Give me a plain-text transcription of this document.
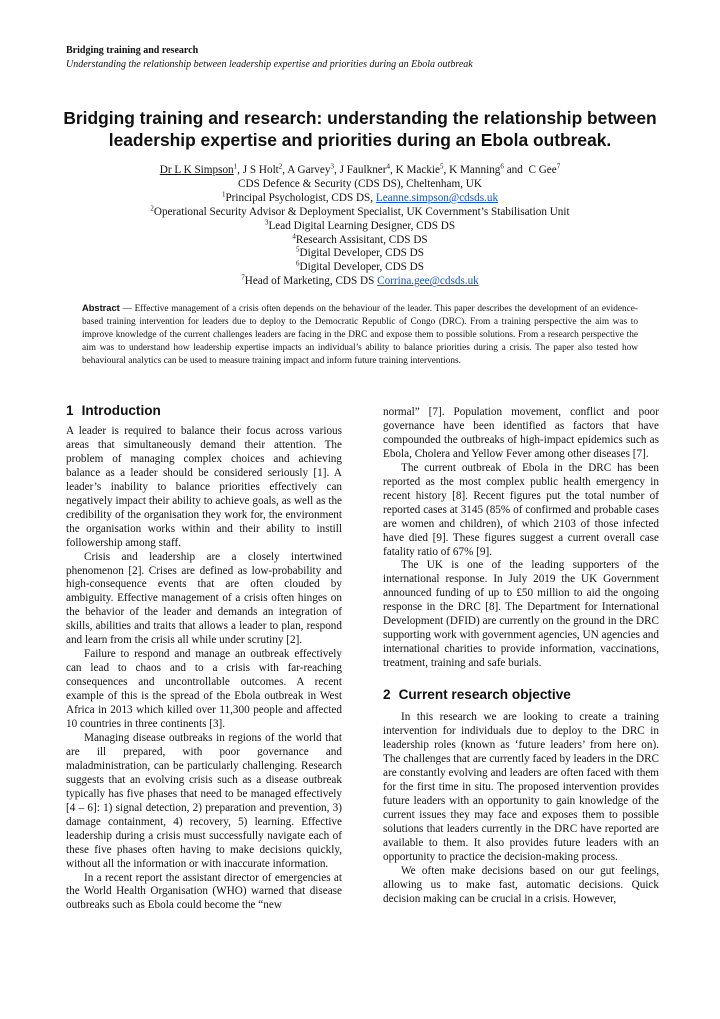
Bridging training and research
Understanding the relationship between leadership expertise and priorities during an Ebola outbreak
Bridging training and research: understanding the relationship between
leadership expertise and priorities during an Ebola outbreak.
Dr L K Simpson$^1$, J S Holt$^2$, A Garvey$^3$, J Faulkner$^4$, K Mackie$^5$, K Manning$^6$ and  C Gee$^7$
CDS Defence & Security (CDS DS), Cheltenham, UK
$^1$Principal Psychologist, CDS DS, Leanne.simpson@cdsds.uk
$^2$Operational Security Advisor & Deployment Specialist, UK Covernment’s Stabilisation Unit
$^3$Lead Digital Learning Designer, CDS DS
$^4$Research Assisitant, CDS DS
$^5$Digital Developer, CDS DS
$^6$Digital Developer, CDS DS
$^7$Head of Marketing, CDS DS Corrina.gee@cdsds.uk
Abstract — Effective management of a crisis often depends on the behaviour of the leader. This paper describes the development of an evidence-based training intervention for leaders due to deploy to the Democratic Republic of Congo (DRC). From a training perspective the aim was to improve knowledge of the current challenges leaders are facing in the DRC and expose them to possible solutions. From a research perspective the aim was to understand how leadership expertise impacts an individual’s ability to balance priorities during a crisis. The paper also tested how behavioural analytics can be used to measure training impact and inform future training interventions.
1 Introduction

A leader is required to balance their focus across various areas that simultaneously demand their attention. The problem of managing complex choices and achieving balance as a leader should be considered seriously [1]. A leader’s inability to balance priorities effectively can negatively impact their ability to achieve goals, as well as the credibility of the organisation they work for, the environment the organisation works within and their ability to instill followership among staff.

Crisis and leadership are a closely intertwined phenomenon [2]. Crises are defined as low-probability and high-consequence events that are often clouded by ambiguity. Effective management of a crisis often hinges on the behavior of the leader and demands an integration of skills, abilities and traits that allows a leader to plan, respond and learn from the crisis all while under scrutiny [2].

Failure to respond and manage an outbreak effectively can lead to chaos and to a crisis with far-reaching consequences and uncontrollable outcomes. A recent example of this is the spread of the Ebola outbreak in West Africa in 2013 which killed over 11,300 people and affected 10 countries in three continents [3].

Managing disease outbreaks in regions of the world that are ill prepared, with poor governance and maladministration, can be particularly challenging. Research suggests that an evolving crisis such as a disease outbreak typically has five phases that need to be managed effectively [4 – 6]: 1) signal detection, 2) preparation and prevention, 3) damage containment, 4) recovery, 5) learning. Effective leadership during a crisis must successfully navigate each of these five phases often having to make decisions quickly, without all the information or with inaccurate information.

In a recent report the assistant director of emergencies at the World Health Organisation (WHO) warned that disease outbreaks such as Ebola could become the “new

normal” [7]. Population movement, conflict and poor governance have been identified as factors that have compounded the outbreaks of high-impact epidemics such as Ebola, Cholera and Yellow Fever among other diseases [7].

The current outbreak of Ebola in the DRC has been reported as the most complex public health emergency in recent history [8]. Recent figures put the total number of reported cases at 3145 (85% of confirmed and probable cases are women and children), of which 2103 of those infected have died [9]. These figures suggest a current overall case fatality ratio of 67% [9].

The UK is one of the leading supporters of the international response. In July 2019 the UK Government announced funding of up to £50 million to aid the ongoing response in the DRC [8]. The Department for International Development (DFID) are currently on the ground in the DRC supporting work with government agencies, UN agencies and international charities to provide information, vaccinations, treatment, training and safe burials.

2 Current research objective

In this research we are looking to create a training intervention for individuals due to deploy to the DRC in leadership roles (known as ‘future leaders’ from here on). The challenges that are currently faced by leaders in the DRC are constantly evolving and leaders are often faced with them for the first time in situ. The proposed intervention provides future leaders with an opportunity to gain knowledge of the current issues they may face and exposes them to possible solutions that leaders currently in the DRC have reported are available to them. It also provides future leaders with an opportunity to practice the decision-making process.

We often make decisions based on our gut feelings, allowing us to make fast, automatic decisions. Quick decision making can be crucial in a crisis. However,
